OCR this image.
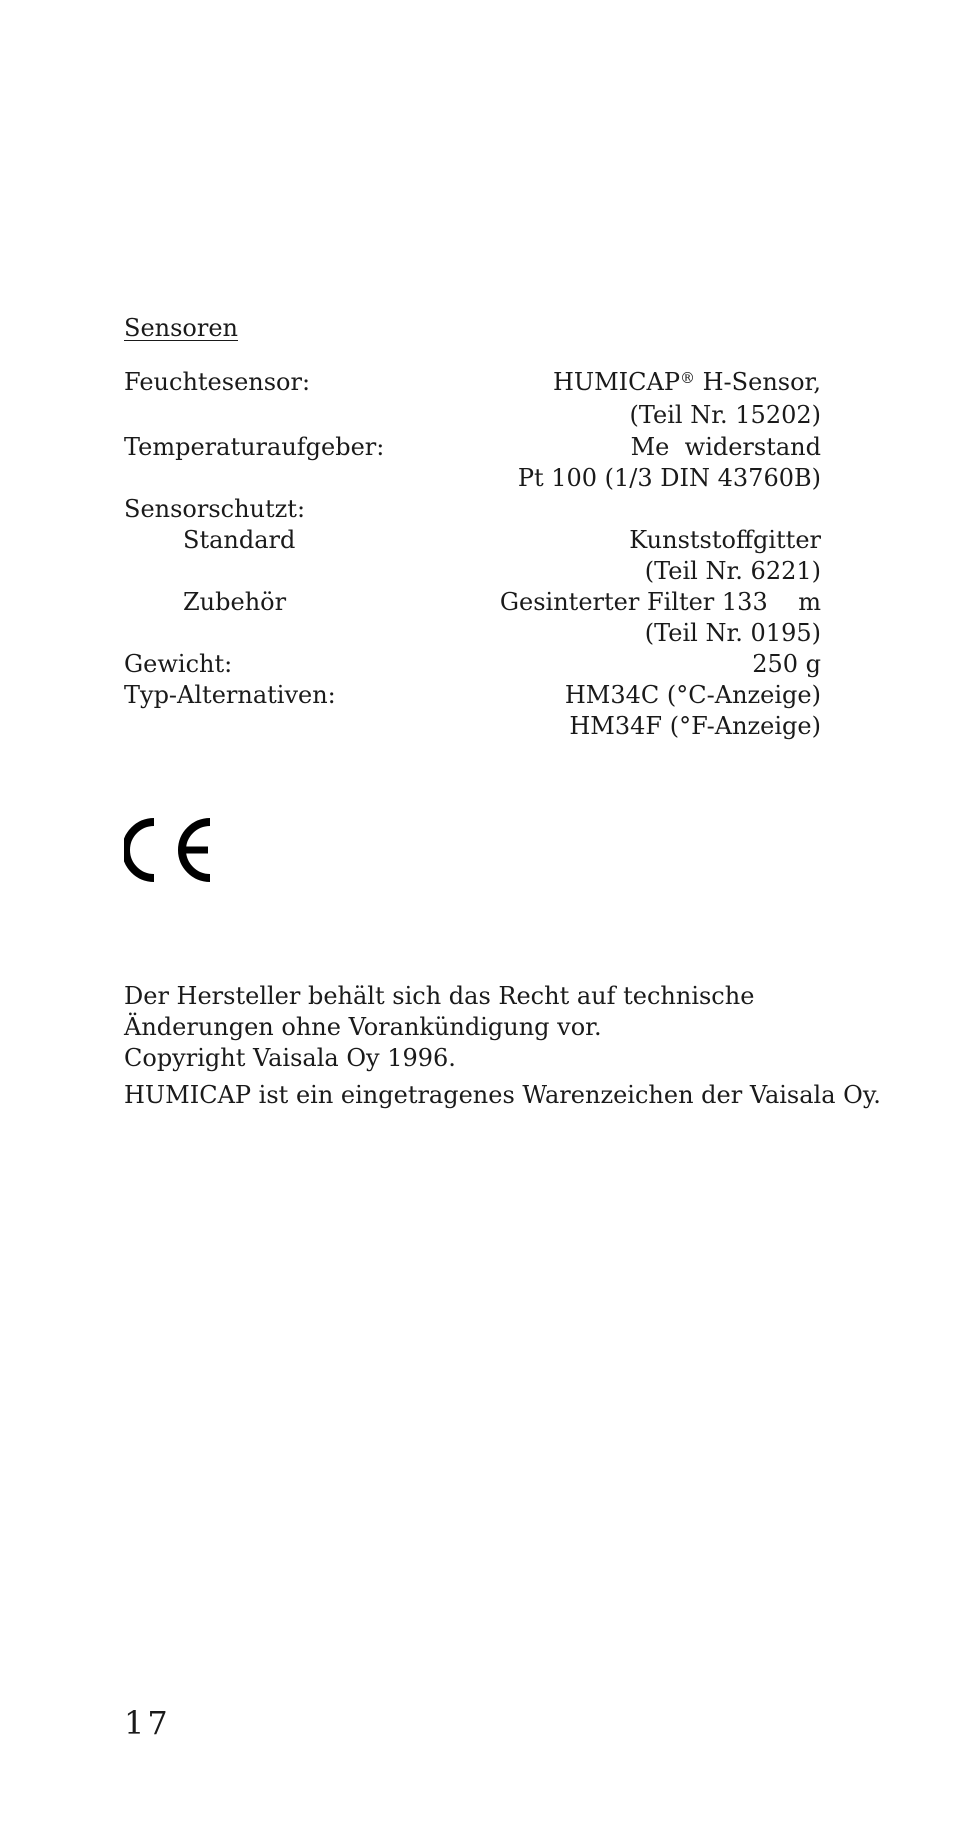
Sensoren
Feuchtesensor:	HUMICAP® H-Sensor,
(Teil Nr. 15202)
Temperaturaufgeber:	Me  widerstand
Pt 100 (1/3 DIN 43760B)
Sensorschutzt:
Standard	Kunststoffgitter
(Teil Nr. 6221)
Zubehör	Gesinterter Filter 133    m
(Teil Nr. 0195)
Gewicht:	250 g
Typ-Alternativen:	HM34C (°C-Anzeige)
HM34F (°F-Anzeige)
Der Hersteller behält sich das Recht auf technische
Änderungen ohne Vorankündigung vor.
Copyright Vaisala Oy 1996.
HUMICAP ist ein eingetragenes Warenzeichen der Vaisala Oy.
17
